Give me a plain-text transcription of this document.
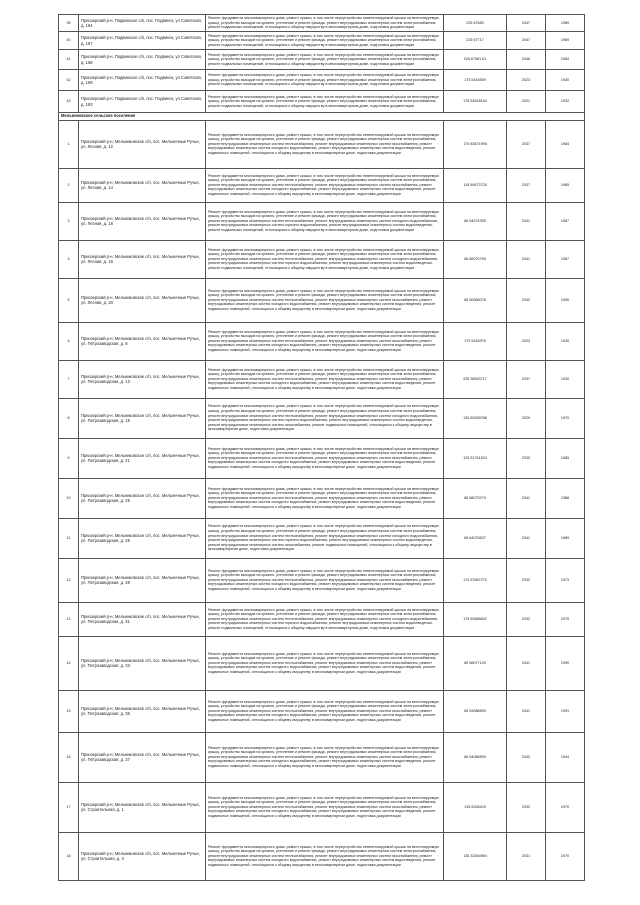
39	Приозерский р-н, Подвинское с/п, пос. Подвинск, ул Советская, д. 164	Ремонт фундамента многоквартирного дома, ремонт крыши, в том числе переустройство невентилируемой крыши на вентилируемую крышу, устройство выходов на кровлю, утепление и ремонт фасада, ремонт внутридомовых инженерных систем электроснабжения, ремонт подвальных помещений, относящихся к общему имуществу в многоквартирном доме, подготовка документации	225 67683	2047	1989
40	Приозерский р-н, Подвинское с/п, пос. Подвинск, ул Советская, д. 167	Ремонт фундамента многоквартирного дома, ремонт крыши, в том числе переустройство невентилируемой крыши на вентилируемую крышу, устройство выходов на кровлю, утепление и ремонт фасада, ремонт внутридомовых инженерных систем электроснабжения, ремонт подвальных помещений, относящихся к общему имуществу в многоквартирном доме, подготовка документации	225 67717	2047	1989
41	Приозерский р-н, Подвинское с/п, пос. Подвинск, ул Советская, д. 168	Ремонт фундамента многоквартирного дома, ремонт крыши, в том числе переустройство невентилируемой крыши на вентилируемую крышу, устройство выходов на кровлю, утепление и ремонт фасада, ремонт внутридомовых инженерных систем электроснабжения, ремонт подвальных помещений, относящихся к общему имуществу в многоквартирном доме, подготовка документации	225 67581 61	2046	1984
42	Приозерский р-н, Подвинское с/п, пос. Подвинск, ул Советская, д. 169	Ремонт фундамента многоквартирного дома, ремонт крыши, в том числе переустройство невентилируемой крыши на вентилируемую крышу, устройство выходов на кровлю, утепление и ремонт фасада, ремонт внутридомовых инженерных систем электроснабжения, ремонт подвальных помещений, относящихся к общему имуществу в многоквартирном доме, подготовка документации	175 5416959	2023	1930
43	Приозерский р-н, Подвинское с/п, пос. Подвинск, ул Советская, д. 193	Ремонт фундамента многоквартирного дома, ремонт крыши, в том числе переустройство невентилируемой крыши на вентилируемую крышу, устройство выходов на кровлю, утепление и ремонт фасада, ремонт внутридомовых инженерных систем электроснабжения, ремонт подвальных помещений, относящихся к общему имуществу в многоквартирном доме, подготовка документации	175 54528164	2021	1932
Мельниковское сельское поселение					
1	Приозерский р-н, Мельниковское с/п, пос. Мельничные Ручьи, ул. Лесная, д. 12	Ремонт фундамента многоквартирного дома, ремонт крыши, в том числе переустройство невентилируемой крыши на вентилируемую крышу, устройство выходов на кровлю, утепление и ремонт фасада, ремонт внутридомовых инженерных систем электроснабжения, ремонт внутридомовых инженерных систем теплоснабжения, ремонт внутридомовых инженерных систем газоснабжения, ремонт внутридомовых инженерных систем холодного водоснабжения, ремонт внутридомовых инженерных систем водоотведения, ремонт подвальных помещений, относящихся к общему имуществу в многоквартирном доме, подготовка документации	170 83671995	2037	1984
2	Приозерский р-н, Мельниковское с/п, пос. Мельничные Ручьи, ул. Лесная, д. 14	Ремонт фундамента многоквартирного дома, ремонт крыши, в том числе переустройство невентилируемой крыши на вентилируемую крышу, устройство выходов на кровлю, утепление и ремонт фасада, ремонт внутридомовых инженерных систем электроснабжения, ремонт внутридомовых инженерных систем теплоснабжения, ремонт внутридомовых инженерных систем газоснабжения, ремонт внутридомовых инженерных систем холодного водоснабжения, ремонт внутридомовых инженерных систем водоотведения, ремонт подвальных помещений, относящихся к общему имуществу в многоквартирном доме, подготовка документации	115 50873728	2037	1985
3	Приозерский р-н, Мельниковское с/п, пос. Мельничные Ручьи, ул. Лесная, д. 18	Ремонт фундамента многоквартирного дома, ремонт крыши, в том числе переустройство невентилируемой крыши на вентилируемую крышу, устройство выходов на кровлю, утепление и ремонт фасада, ремонт внутридомовых инженерных систем электроснабжения, ремонт внутридомовых инженерных систем теплоснабжения, ремонт внутридомовых инженерных систем холодного водоснабжения, ремонт внутридомовых инженерных систем горячего водоснабжения, ремонт внутридомовых инженерных систем водоотведения, ремонт подвальных помещений, относящихся к общему имуществу в многоквартирном доме, подготовка документации	86 64074395	2041	1987
4	Приозерский р-н, Мельниковское с/п, пос. Мельничные Ручьи, ул. Лесная, д. 16	Ремонт фундамента многоквартирного дома, ремонт крыши, в том числе переустройство невентилируемой крыши на вентилируемую крышу, устройство выходов на кровлю, утепление и ремонт фасада, ремонт внутридомовых инженерных систем электроснабжения, ремонт внутридомовых инженерных систем теплоснабжения, ремонт внутридомовых инженерных систем холодного водоснабжения, ремонт внутридомовых инженерных систем горячего водоснабжения, ремонт внутридомовых инженерных систем водоотведения, ремонт подвальных помещений, относящихся к общему имуществу в многоквартирном доме, подготовка документации	86 86070790	2041	1987
5	Приозерский р-н, Мельниковское с/п, пос. Мельничные Ручьи, ул. Лесная, д. 20	Ремонт фундамента многоквартирного дома, ремонт крыши, в том числе переустройство невентилируемой крыши на вентилируемую крышу, устройство выходов на кровлю, утепление и ремонт фасада, ремонт внутридомовых инженерных систем электроснабжения, ремонт внутридомовых инженерных систем теплоснабжения, ремонт внутридомовых инженерных систем газоснабжения, ремонт внутридомовых инженерных систем холодного водоснабжения, ремонт внутридомовых инженерных систем водоотведения, ремонт подвальных помещений, относящихся к общему имуществу в многоквартирном доме, подготовка документации	85 50089078	2042	1990
6	Приозерский р-н, Мельниковское с/п, пос. Мельничные Ручьи, ул. Петрозаводская, д. 8	Ремонт фундамента многоквартирного дома, ремонт крыши, в том числе переустройство невентилируемой крыши на вентилируемую крышу, устройство выходов на кровлю, утепление и ремонт фасада, ремонт внутридомовых инженерных систем электроснабжения, ремонт внутридомовых инженерных систем теплоснабжения, ремонт внутридомовых инженерных систем газоснабжения, ремонт внутридомовых инженерных систем холодного водоснабжения, ремонт внутридомовых инженерных систем водоотведения, ремонт подвальных помещений, относящихся к общему имуществу в многоквартирном доме, подготовка документации	175 5416976	2023	1930
7	Приозерский р-н, Мельниковское с/п, пос. Мельничные Ручьи, ул. Петрозаводская, д. 13	Ремонт фундамента многоквартирного дома, ремонт крыши, в том числе переустройство невентилируемой крыши на вентилируемую крышу, устройство выходов на кровлю, утепление и ремонт фасада, ремонт внутридомовых инженерных систем электроснабжения, ремонт внутридомовых инженерных систем теплоснабжения, ремонт внутридомовых инженерных систем газоснабжения, ремонт внутридомовых инженерных систем холодного водоснабжения, ремонт внутридомовых инженерных систем водоотведения, ремонт подвальных помещений, относящихся к общему имуществу в многоквартирном доме, подготовка документации	225 38553717	2037	1930
8	Приозерский р-н, Мельниковское с/п, пос. Мельничные Ручьи, ул. Петрозаводская, д. 18	Ремонт фундамента многоквартирного дома, ремонт крыши, в том числе переустройство невентилируемой крыши на вентилируемую крышу, устройство выходов на кровлю, утепление и ремонт фасада, ремонт внутридомовых инженерных систем электроснабжения, ремонт внутридомовых инженерных систем теплоснабжения, ремонт внутридомовых инженерных систем холодного водоснабжения, ремонт внутридомовых инженерных систем горячего водоснабжения, ремонт внутридомовых инженерных систем водоотведения, ремонт внутридомовых инженерных систем газоснабжения, ремонт подвальных помещений, относящихся к общему имуществу в многоквартирном доме, подготовка документации	130 69289788	2029	1970
9	Приозерский р-н, Мельниковское с/п, пос. Мельничные Ручьи, ул. Петрозаводская, д. 21	Ремонт фундамента многоквартирного дома, ремонт крыши, в том числе переустройство невентилируемой крыши на вентилируемую крышу, устройство выходов на кровлю, утепление и ремонт фасада, ремонт внутридомовых инженерных систем электроснабжения, ремонт внутридомовых инженерных систем теплоснабжения, ремонт внутридомовых инженерных систем газоснабжения, ремонт внутридомовых инженерных систем холодного водоснабжения, ремонт внутридомовых инженерных систем водоотведения, ремонт подвальных помещений, относящихся к общему имуществу в многоквартирном доме, подготовка документации	125 51761924	2035	1985
10	Приозерский р-н, Мельниковское с/п, пос. Мельничные Ручьи, ул. Петрозаводская, д. 25	Ремонт фундамента многоквартирного дома, ремонт крыши, в том числе переустройство невентилируемой крыши на вентилируемую крышу, устройство выходов на кровлю, утепление и ремонт фасада, ремонт внутридомовых инженерных систем электроснабжения, ремонт внутридомовых инженерных систем теплоснабжения, ремонт внутридомовых инженерных систем газоснабжения, ремонт внутридомовых инженерных систем холодного водоснабжения, ремонт внутридомовых инженерных систем водоотведения, ремонт подвальных помещений, относящихся к общему имуществу в многоквартирном доме, подготовка документации	86 68073279	2041	1988
11	Приозерский р-н, Мельниковское с/п, пос. Мельничные Ручьи, ул. Петрозаводская, д. 28	Ремонт фундамента многоквартирного дома, ремонт крыши, в том числе переустройство невентилируемой крыши на вентилируемую крышу, устройство выходов на кровлю, утепление и ремонт фасада, ремонт внутридомовых инженерных систем электроснабжения, ремонт внутридомовых инженерных систем теплоснабжения, ремонт внутридомовых инженерных систем холодного водоснабжения, ремонт внутридомовых инженерных систем горячего водоснабжения, ремонт внутридомовых инженерных систем водоотведения, ремонт внутридомовых инженерных систем газоснабжения, ремонт подвальных помещений, относящихся к общему имуществу в многоквартирном доме, подготовка документации	86 64076537	2041	1989
12	Приозерский р-н, Мельниковское с/п, пос. Мельничные Ручьи, ул. Петрозаводская, д. 28	Ремонт фундамента многоквартирного дома, ремонт крыши, в том числе переустройство невентилируемой крыши на вентилируемую крышу, устройство выходов на кровлю, утепление и ремонт фасада, ремонт внутридомовых инженерных систем электроснабжения, ремонт внутридомовых инженерных систем теплоснабжения, ремонт внутридомовых инженерных систем газоснабжения, ремонт внутридомовых инженерных систем холодного водоснабжения, ремонт внутридомовых инженерных систем водоотведения, ремонт подвальных помещений, относящихся к общему имуществу в многоквартирном доме, подготовка документации	170 57687270	2032	1973
13	Приозерский р-н, Мельниковское с/п, пос. Мельничные Ручьи, ул. Петрозаводская, д. 31	Ремонт фундамента многоквартирного дома, ремонт крыши, в том числе переустройство невентилируемой крыши на вентилируемую крышу, устройство выходов на кровлю, утепление и ремонт фасада, ремонт внутридомовых инженерных систем электроснабжения, ремонт внутридомовых инженерных систем теплоснабжения, ремонт внутридомовых инженерных систем холодного водоснабжения, ремонт внутридомовых инженерных систем горячего водоснабжения, ремонт внутридомовых инженерных систем водоотведения, ремонт подвальных помещений, относящихся к общему имуществу в многоквартирном доме, подготовка документации	175 63686832	2032	1975
14	Приозерский р-н, Мельниковское с/п, пос. Мельничные Ручьи, ул. Петрозаводская, д. 33	Ремонт фундамента многоквартирного дома, ремонт крыши, в том числе переустройство невентилируемой крыши на вентилируемую крышу, устройство выходов на кровлю, утепление и ремонт фасада, ремонт внутридомовых инженерных систем электроснабжения, ремонт внутридомовых инженерных систем теплоснабжения, ремонт внутридомовых инженерных систем газоснабжения, ремонт внутридомовых инженерных систем холодного водоснабжения, ремонт внутридомовых инженерных систем водоотведения, ремонт подвальных помещений, относящихся к общему имуществу в многоквартирном доме, подготовка документации	85 58077129	2041	1990
15	Приозерский р-н, Мельниковское с/п, пос. Мельничные Ручьи, ул. Петрозаводская, д. 36	Ремонт фундамента многоквартирного дома, ремонт крыши, в том числе переустройство невентилируемой крыши на вентилируемую крышу, устройство выходов на кровлю, утепление и ремонт фасада, ремонт внутридомовых инженерных систем электроснабжения, ремонт внутридомовых инженерных систем теплоснабжения, ремонт внутридомовых инженерных систем газоснабжения, ремонт внутридомовых инженерных систем холодного водоснабжения, ремонт внутридомовых инженерных систем водоотведения, ремонт подвальных помещений, относящихся к общему имуществу в многоквартирном доме, подготовка документации	85 53088593	2041	1991
16	Приозерский р-н, Мельниковское с/п, пос. Мельничные Ручьи, ул. Петрозаводская, д. 37	Ремонт фундамента многоквартирного дома, ремонт крыши, в том числе переустройство невентилируемой крыши на вентилируемую крышу, устройство выходов на кровлю, утепление и ремонт фасада, ремонт внутридомовых инженерных систем электроснабжения, ремонт внутридомовых инженерных систем теплоснабжения, ремонт внутридомовых инженерных систем газоснабжения, ремонт внутридомовых инженерных систем холодного водоснабжения, ремонт внутридомовых инженерных систем водоотведения, ремонт подвальных помещений, относящихся к общему имуществу в многоквартирном доме, подготовка документации	86 64086599	2042	1944
17	Приозерский р-н, Мельниковское с/п, пос. Мельничные Ручьи, ул. Строительная, д. 1	Ремонт фундамента многоквартирного дома, ремонт крыши, в том числе переустройство невентилируемой крыши на вентилируемую крышу, устройство выходов на кровлю, утепление и ремонт фасада, ремонт внутридомовых инженерных систем электроснабжения, ремонт внутридомовых инженерных систем теплоснабжения, ремонт внутридомовых инженерных систем газоснабжения, ремонт внутридомовых инженерных систем холодного водоснабжения, ремонт внутридомовых инженерных систем водоотведения, ремонт подвальных помещений, относящихся к общему имуществу в многоквартирном доме, подготовка документации	135 5328429	2032	1970
18	Приозерский р-н, Мельниковское с/п, пос. Мельничные Ручьи, ул. Строительная, д. 3	Ремонт фундамента многоквартирного дома, ремонт крыши, в том числе переустройство невентилируемой крыши на вентилируемую крышу, устройство выходов на кровлю, утепление и ремонт фасада, ремонт внутридомовых инженерных систем электроснабжения, ремонт внутридомовых инженерных систем теплоснабжения, ремонт внутридомовых инженерных систем газоснабжения, ремонт внутридомовых инженерных систем холодного водоснабжения, ремонт внутридомовых инженерных систем водоотведения, ремонт подвальных помещений, относящихся к общему имуществу в многоквартирном доме, подготовка документации	135 33364984	2031	1970
